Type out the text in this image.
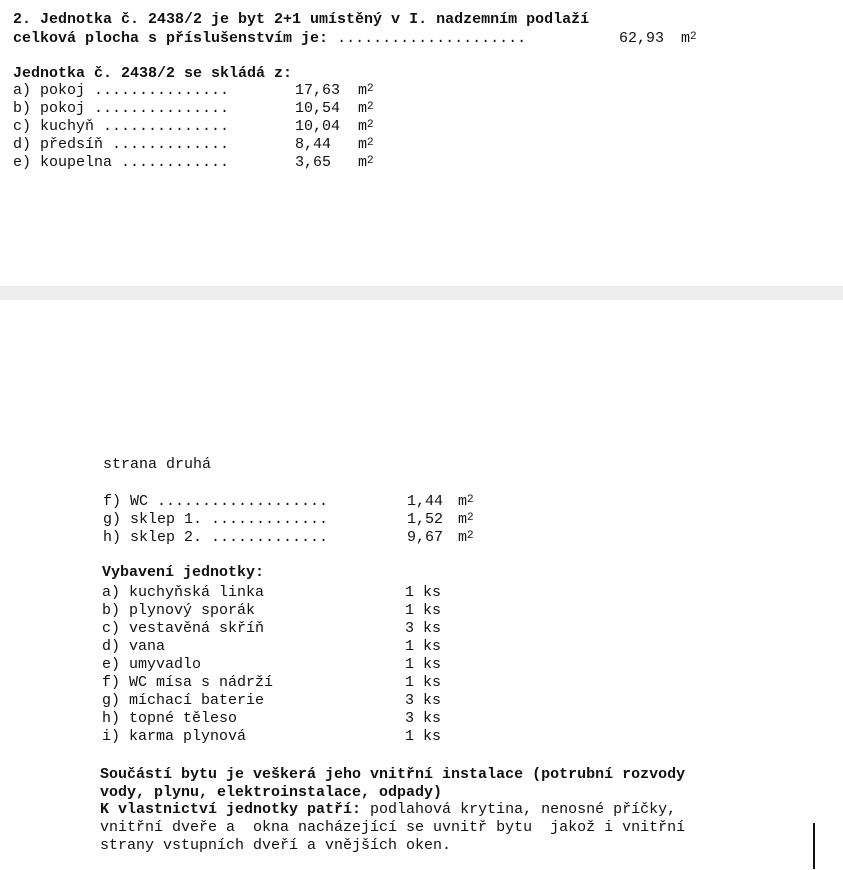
2. Jednotka č. 2438/2 je byt 2+1 umístěný v I. nadzemním podlaží
celková plocha s příslušenstvím je: .....................	62,93 $m^2$
Jednotka č. 2438/2 se skládá z:
a) pokoj ...............	17,63 $m^2$
b) pokoj ...............	10,54 $m^2$
c) kuchyň ..............	10,04 $m^2$
d) předsíň .............	8,44 $m^2$
e) koupelna ............	3,65 $m^2$
strana druhá
f) WC ...................	1,44 $m^2$
g) sklep 1. .............	1,52 $m^2$
h) sklep 2. .............	9,67 $m^2$
Vybavení jednotky:
a) kuchyňská linka	1 ks
b) plynový sporák	1 ks
c) vestavěná skříň	3 ks
d) vana	1 ks
e) umyvadlo	1 ks
f) WC mísa s nádrží	1 ks
g) míchací baterie	3 ks
h) topné těleso	3 ks
i) karma plynová	1 ks
Součástí bytu je veškerá jeho vnitřní instalace (potrubní rozvody
vody, plynu, elektroinstalace, odpady)
K vlastnictví jednotky patří: podlahová krytina, nenosné příčky,
vnitřní dveře a  okna nacházející se uvnitř bytu  jakož i vnitřní
strany vstupních dveří a vnějších oken.
